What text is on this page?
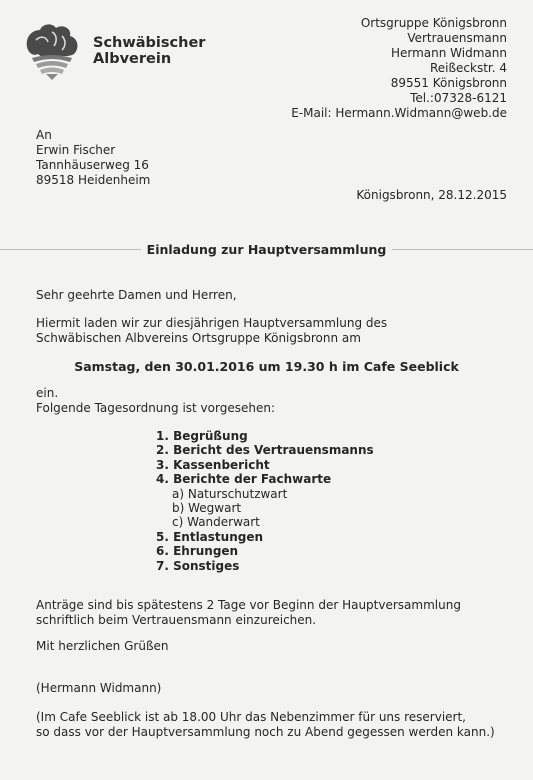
Schwäbischer
Albverein
Ortsgruppe Königsbronn
Vertrauensmann
Hermann Widmann
Reißeckstr. 4
89551 Königsbronn
Tel.:07328-6121
E-Mail: Hermann.Widmann@web.de
An
Erwin Fischer
Tannhäuserweg 16
89518 Heidenheim
Königsbronn, 28.12.2015
Einladung zur Hauptversammlung
Sehr geehrte Damen und Herren,
Hiermit laden wir zur diesjährigen Hauptversammlung des
Schwäbischen Albvereins Ortsgruppe Königsbronn am
Samstag, den 30.01.2016 um 19.30 h im Cafe Seeblick
ein.
Folgende Tagesordnung ist vorgesehen:
1. Begrüßung
2. Bericht des Vertrauensmanns
3. Kassenbericht
4. Berichte der Fachwarte
a) Naturschutzwart
b) Wegwart
c) Wanderwart
5. Entlastungen
6. Ehrungen
7. Sonstiges
Anträge sind bis spätestens 2 Tage vor Beginn der Hauptversammlung
schriftlich beim Vertrauensmann einzureichen.
Mit herzlichen Grüßen
(Hermann Widmann)
(Im Cafe Seeblick ist ab 18.00 Uhr das Nebenzimmer für uns reserviert,
so dass vor der Hauptversammlung noch zu Abend gegessen werden kann.)
